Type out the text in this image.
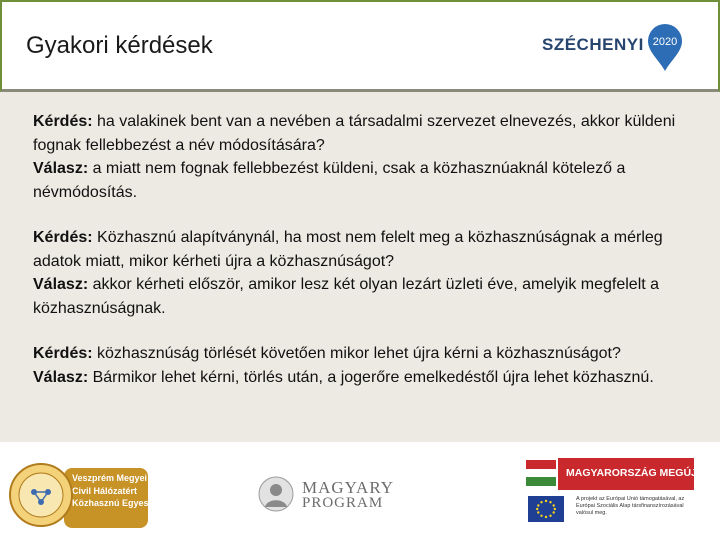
Gyakori kérdések	SZÉCHENYI 2020

Kérdés: ha valakinek bent van a nevében a társadalmi szervezet elnevezés, akkor küldeni fognak fellebbezést a név módosítására?

Válasz: a miatt nem fognak fellebbezést küldeni, csak a közhasznúaknál kötelező a névmódosítás.

Kérdés: Közhasznú alapítványnál, ha most nem felelt meg a közhasznúságnak a mérleg adatok miatt, mikor kérheti újra a közhasznúságot?

Válasz: akkor kérheti először, amikor lesz két olyan lezárt üzleti éve, amelyik megfelelt a közhasznúságnak.

Kérdés: közhasznúság törlését követően mikor lehet újra kérni a közhasznúságot?

Válasz: Bármikor lehet kérni, törlés után, a jogerőre emelkedéstől újra lehet közhasznú.

Veszprém Megyei
Civil Hálózatért
Közhasznú Egyesület
MAGYARY
PROGRAM
MAGYARORSZÁG MEGÚJUL
A projekt az Európai Unió támogatásával, az Európai Szociális Alap társfinanszírozásával valósul meg.
